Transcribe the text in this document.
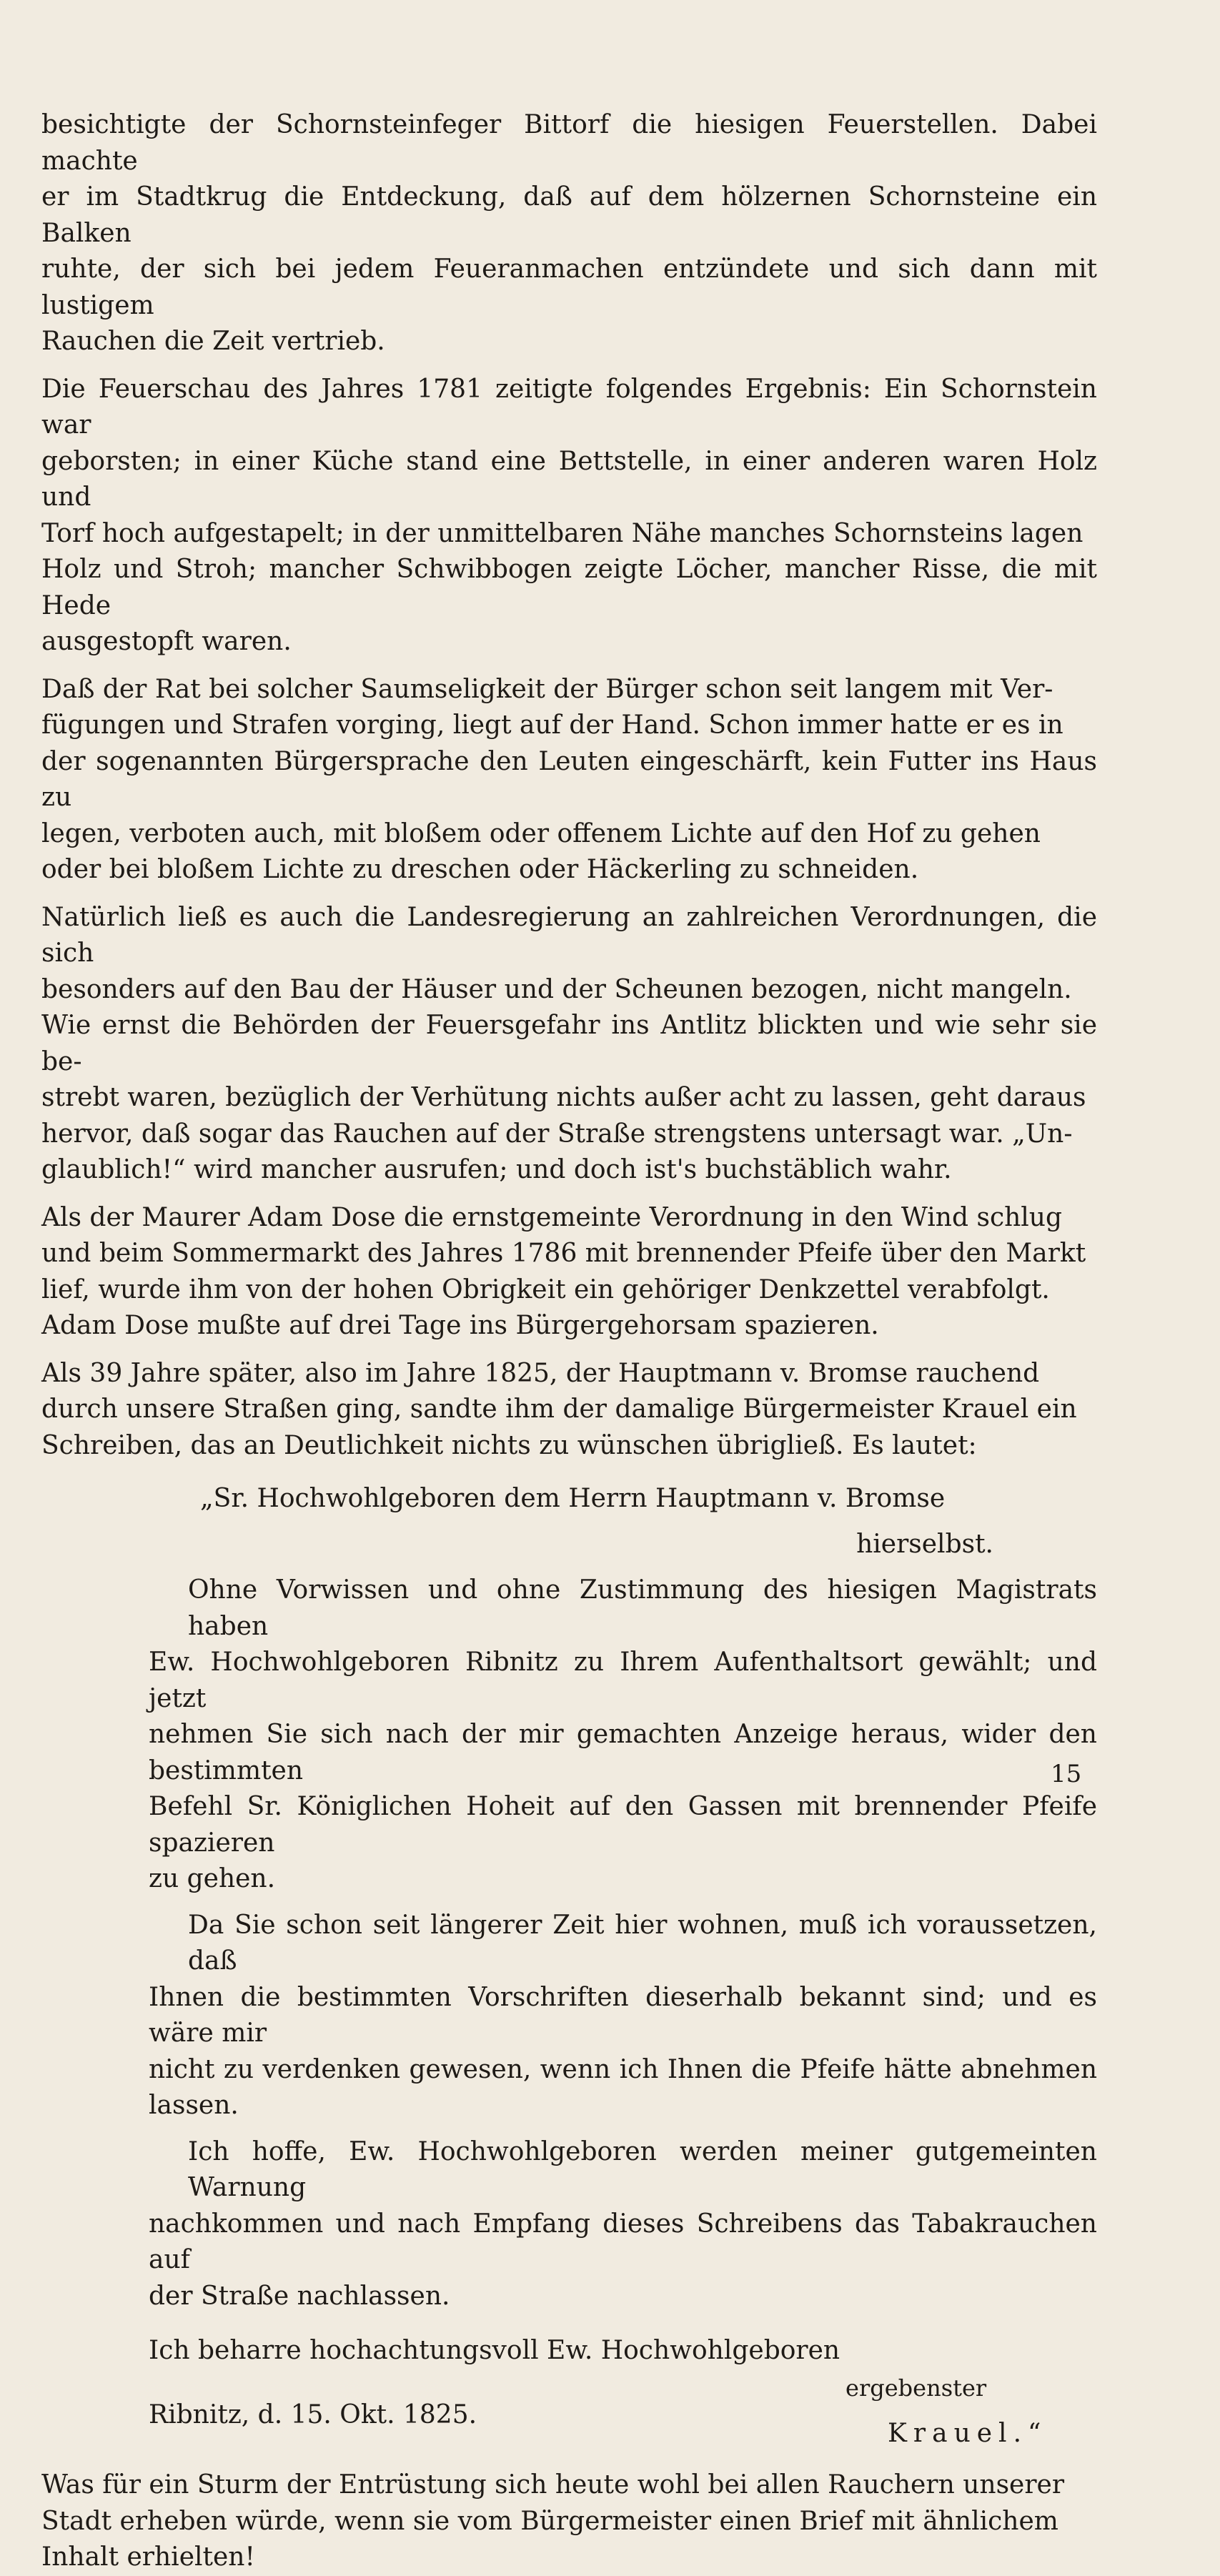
besichtigte der Schornsteinfeger Bittorf die hiesigen Feuerstellen. Dabei machte
er im Stadtkrug die Entdeckung, daß auf dem hölzernen Schornsteine ein Balken
ruhte, der sich bei jedem Feueranmachen entzündete und sich dann mit lustigem
Rauchen die Zeit vertrieb.

Die Feuerschau des Jahres 1781 zeitigte folgendes Ergebnis: Ein Schornstein war
geborsten; in einer Küche stand eine Bettstelle, in einer anderen waren Holz und
Torf hoch aufgestapelt; in der unmittelbaren Nähe manches Schornsteins lagen
Holz und Stroh; mancher Schwibbogen zeigte Löcher, mancher Risse, die mit Hede
ausgestopft waren.

Daß der Rat bei solcher Saumseligkeit der Bürger schon seit langem mit Ver-
fügungen und Strafen vorging, liegt auf der Hand. Schon immer hatte er es in
der sogenannten Bürgersprache den Leuten eingeschärft, kein Futter ins Haus zu
legen, verboten auch, mit bloßem oder offenem Lichte auf den Hof zu gehen
oder bei bloßem Lichte zu dreschen oder Häckerling zu schneiden.

Natürlich ließ es auch die Landesregierung an zahlreichen Verordnungen, die sich
besonders auf den Bau der Häuser und der Scheunen bezogen, nicht mangeln.
Wie ernst die Behörden der Feuersgefahr ins Antlitz blickten und wie sehr sie be-
strebt waren, bezüglich der Verhütung nichts außer acht zu lassen, geht daraus
hervor, daß sogar das Rauchen auf der Straße strengstens untersagt war. „Un-
glaublich!“ wird mancher ausrufen; und doch ist's buchstäblich wahr.

Als der Maurer Adam Dose die ernstgemeinte Verordnung in den Wind schlug
und beim Sommermarkt des Jahres 1786 mit brennender Pfeife über den Markt
lief, wurde ihm von der hohen Obrigkeit ein gehöriger Denkzettel verabfolgt.
Adam Dose mußte auf drei Tage ins Bürgergehorsam spazieren.

Als 39 Jahre später, also im Jahre 1825, der Hauptmann v. Bromse rauchend
durch unsere Straßen ging, sandte ihm der damalige Bürgermeister Krauel ein
Schreiben, das an Deutlichkeit nichts zu wünschen übrigließ. Es lautet:

„Sr. Hochwohlgeboren dem Herrn Hauptmann v. Bromse
hierselbst.

Ohne Vorwissen und ohne Zustimmung des hiesigen Magistrats haben
Ew. Hochwohlgeboren Ribnitz zu Ihrem Aufenthaltsort gewählt; und jetzt
nehmen Sie sich nach der mir gemachten Anzeige heraus, wider den bestimmten
Befehl Sr. Königlichen Hoheit auf den Gassen mit brennender Pfeife spazieren
zu gehen.

Da Sie schon seit längerer Zeit hier wohnen, muß ich voraussetzen, daß
Ihnen die bestimmten Vorschriften dieserhalb bekannt sind; und es wäre mir
nicht zu verdenken gewesen, wenn ich Ihnen die Pfeife hätte abnehmen lassen.

Ich hoffe, Ew. Hochwohlgeboren werden meiner gutgemeinten Warnung
nachkommen und nach Empfang dieses Schreibens das Tabakrauchen auf
der Straße nachlassen.

Ich beharre hochachtungsvoll Ew. Hochwohlgeboren
Ribnitz, d. 15. Okt. 1825.
ergebenster
Krauel.“

Was für ein Sturm der Entrüstung sich heute wohl bei allen Rauchern unserer
Stadt erheben würde, wenn sie vom Bürgermeister einen Brief mit ähnlichem
Inhalt erhielten!

15
